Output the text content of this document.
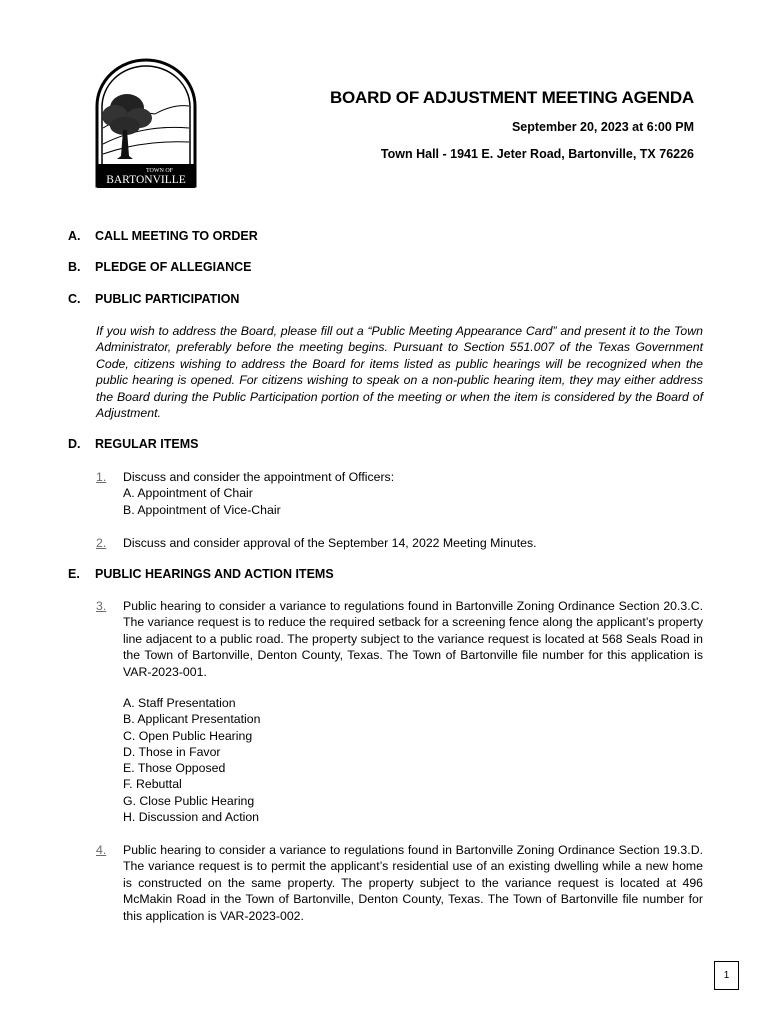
TOWN OF
BARTONVILLE
BOARD OF ADJUSTMENT MEETING AGENDA
September 20, 2023 at 6:00 PM
Town Hall - 1941 E. Jeter Road, Bartonville, TX 76226
A. CALL MEETING TO ORDER
B. PLEDGE OF ALLEGIANCE
C. PUBLIC PARTICIPATION
If you wish to address the Board, please fill out a “Public Meeting Appearance Card” and present it to the Town Administrator, preferably before the meeting begins. Pursuant to Section 551.007 of the Texas Government Code, citizens wishing to address the Board for items listed as public hearings will be recognized when the public hearing is opened. For citizens wishing to speak on a non-public hearing item, they may either address the Board during the Public Participation portion of the meeting or when the item is considered by the Board of Adjustment.
D. REGULAR ITEMS
1. Discuss and consider the appointment of Officers:
A. Appointment of Chair
B. Appointment of Vice-Chair
2. Discuss and consider approval of the September 14, 2022 Meeting Minutes.
E. PUBLIC HEARINGS AND ACTION ITEMS
3. Public hearing to consider a variance to regulations found in Bartonville Zoning Ordinance Section 20.3.C. The variance request is to reduce the required setback for a screening fence along the applicant’s property line adjacent to a public road. The property subject to the variance request is located at 568 Seals Road in the Town of Bartonville, Denton County, Texas. The Town of Bartonville file number for this application is VAR-2023-001.
A. Staff Presentation
B. Applicant Presentation
C. Open Public Hearing
D. Those in Favor
E. Those Opposed
F. Rebuttal
G. Close Public Hearing
H. Discussion and Action
4. Public hearing to consider a variance to regulations found in Bartonville Zoning Ordinance Section 19.3.D. The variance request is to permit the applicant’s residential use of an existing dwelling while a new home is constructed on the same property. The property subject to the variance request is located at 496 McMakin Road in the Town of Bartonville, Denton County, Texas. The Town of Bartonville file number for this application is VAR-2023-002.
1
